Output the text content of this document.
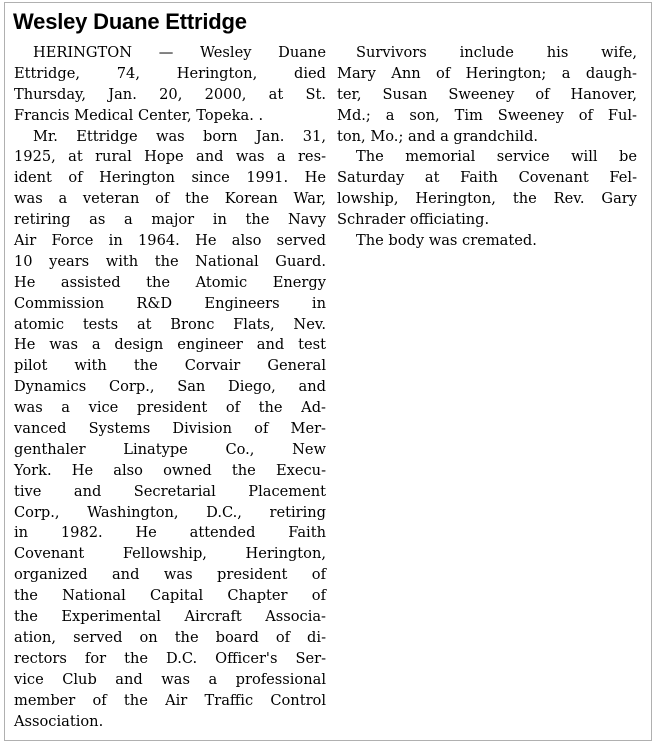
Wesley Duane Ettridge
HERINGTON — Wesley Duane
Ettridge, 74, Herington, died
Thursday, Jan. 20, 2000, at St.
Francis Medical Center, Topeka. .
Mr. Ettridge was born Jan. 31,
1925, at rural Hope and was a res-
ident of Herington since 1991. He
was a veteran of the Korean War,
retiring as a major in the Navy
Air Force in 1964. He also served
10 years with the National Guard.
He assisted the Atomic Energy
Commission R&D Engineers in
atomic tests at Bronc Flats, Nev.
He was a design engineer and test
pilot with the Corvair General
Dynamics Corp., San Diego, and
was a vice president of the Ad-
vanced Systems Division of Mer-
genthaler Linatype Co., New
York. He also owned the Execu-
tive and Secretarial Placement
Corp., Washington, D.C., retiring
in 1982. He attended Faith
Covenant Fellowship, Herington,
organized and was president of
the National Capital Chapter of
the Experimental Aircraft Associa-
ation, served on the board of di-
rectors for the D.C. Officer's Ser-
vice Club and was a professional
member of the Air Traffic Control
Association.
Survivors include his wife,
Mary Ann of Herington; a daugh-
ter, Susan Sweeney of Hanover,
Md.; a son, Tim Sweeney of Ful-
ton, Mo.; and a grandchild.
The memorial service will be
Saturday at Faith Covenant Fel-
lowship, Herington, the Rev. Gary
Schrader officiating.
The body was cremated.
